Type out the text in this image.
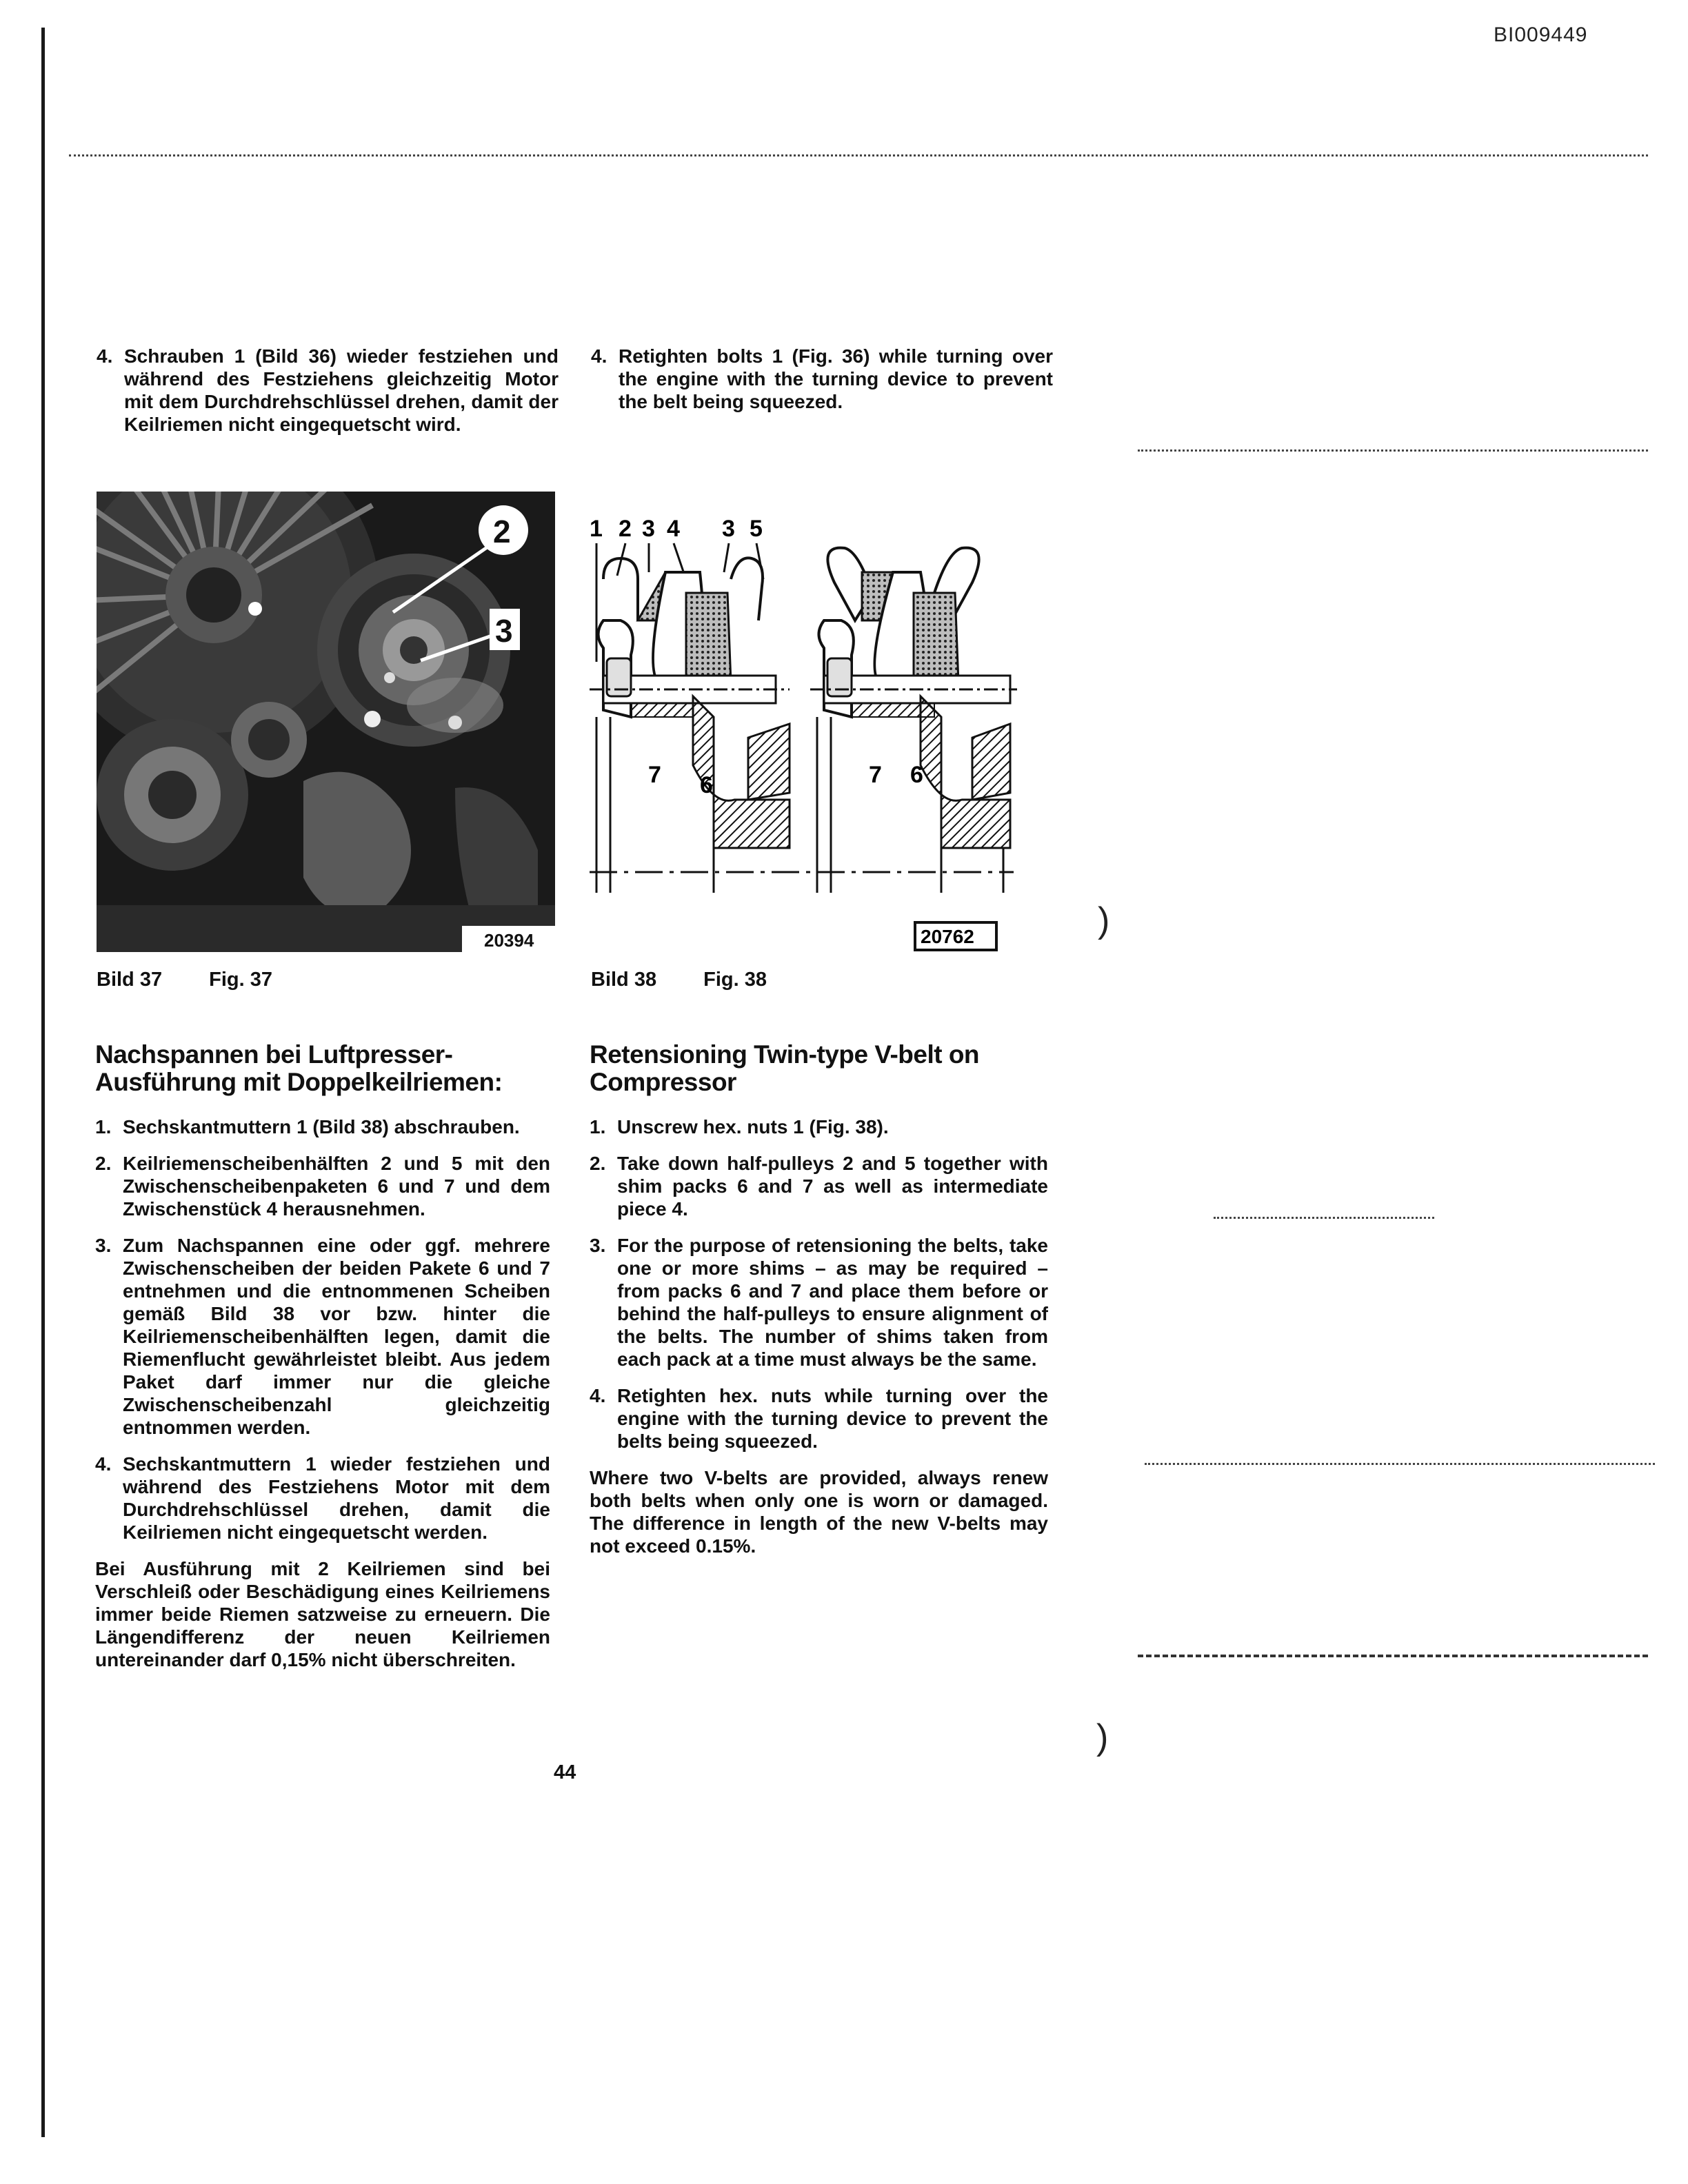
BI009449
)
)
4. Schrauben 1 (Bild 36) wieder festziehen und während des Festziehens gleichzeitig Motor mit dem Durchdrehschlüssel drehen, damit der Keilriemen nicht eingequetscht wird.
4. Retighten bolts 1 (Fig. 36) while turning over the engine with the turning device to prevent the belt being squeezed.
2
3
20394
1 2 3 4 3 5
7 6	7 6
20762
Bild 37 Fig. 37	Bild 38 Fig. 38
Nachspannen bei Luftpresser-Ausführung mit Doppelkeilriemen:
1. Sechskantmuttern 1 (Bild 38) abschrauben.
2. Keilriemenscheibenhälften 2 und 5 mit den Zwischenscheibenpaketen 6 und 7 und dem Zwischenstück 4 herausnehmen.
3. Zum Nachspannen eine oder ggf. mehrere Zwischenscheiben der beiden Pakete 6 und 7 entnehmen und die entnommenen Scheiben gemäß Bild 38 vor bzw. hinter die Keilriemenscheibenhälften legen, damit die Riemenflucht gewährleistet bleibt. Aus jedem Paket darf immer nur die gleiche Zwischenscheibenzahl gleichzeitig entnommen werden.
4. Sechskantmuttern 1 wieder festziehen und während des Festziehens Motor mit dem Durchdrehschlüssel drehen, damit die Keilriemen nicht eingequetscht werden.
Bei Ausführung mit 2 Keilriemen sind bei Verschleiß oder Beschädigung eines Keilriemens immer beide Riemen satzweise zu erneuern. Die Längendifferenz der neuen Keilriemen untereinander darf 0,15% nicht überschreiten.
Retensioning Twin-type V-belt on Compressor
1. Unscrew hex. nuts 1 (Fig. 38).
2. Take down half-pulleys 2 and 5 together with shim packs 6 and 7 as well as intermediate piece 4.
3. For the purpose of retensioning the belts, take one or more shims – as may be required – from packs 6 and 7 and place them before or behind the half-pulleys to ensure alignment of the belts. The number of shims taken from each pack at a time must always be the same.
4. Retighten hex. nuts while turning over the engine with the turning device to prevent the belts being squeezed.
Where two V-belts are provided, always renew both belts when only one is worn or damaged. The difference in length of the new V-belts may not exceed 0.15%.
44
